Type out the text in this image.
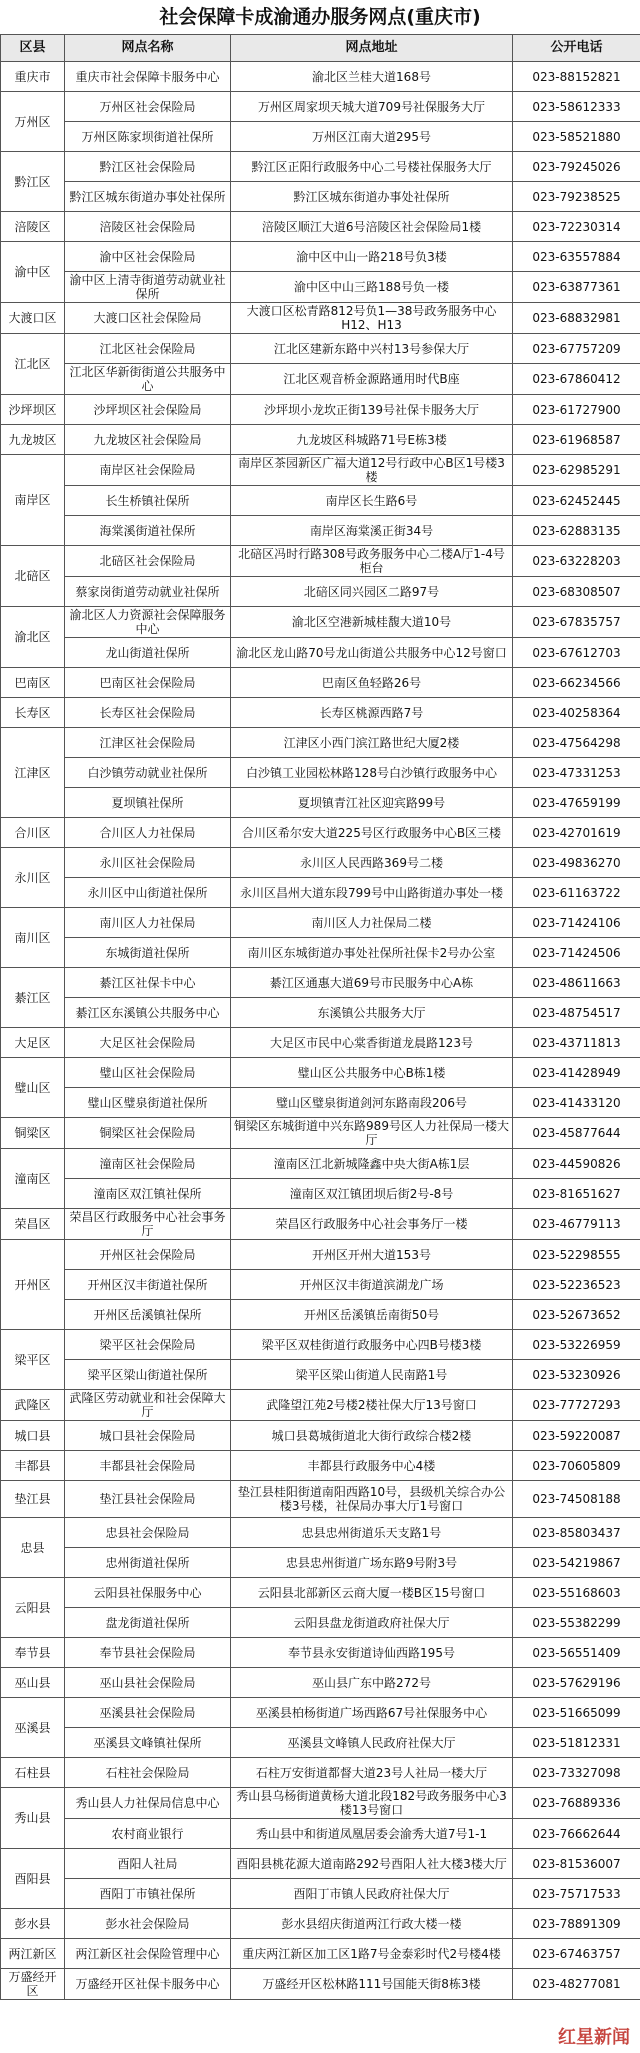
社会保障卡成渝通办服务网点(重庆市)
区县	网点名称	网点地址	公开电话
重庆市	重庆市社会保障卡服务中心	渝北区兰桂大道168号	023-88152821
万州区	万州区社会保险局	万州区周家坝天城大道709号社保服务大厅	023-58612333
	万州区陈家坝街道社保所	万州区江南大道295号	023-58521880
黔江区	黔江区社会保险局	黔江区正阳行政服务中心二号楼社保服务大厅	023-79245026
	黔江区城东街道办事处社保所	黔江区城东街道办事处社保所	023-79238525
涪陵区	涪陵区社会保险局	涪陵区顺江大道6号涪陵区社会保险局1楼	023-72230314
渝中区	渝中区社会保险局	渝中区中山一路218号负3楼	023-63557884
	渝中区上清寺街道劳动就业社保所	渝中区中山三路188号负一楼	023-63877361
大渡口区	大渡口区社会保险局	大渡口区松青路812号负1—38号政务服务中心H12、H13	023-68832981
江北区	江北区社会保险局	江北区建新东路中兴村13号参保大厅	023-67757209
	江北区华新街街道公共服务中心	江北区观音桥金源路通用时代B座	023-67860412
沙坪坝区	沙坪坝区社会保险局	沙坪坝小龙坎正街139号社保卡服务大厅	023-61727900
九龙坡区	九龙坡区社会保险局	九龙坡区科城路71号E栋3楼	023-61968587
南岸区	南岸区社会保险局	南岸区茶园新区广福大道12号行政中心B区1号楼3楼	023-62985291
	长生桥镇社保所	南岸区长生路6号	023-62452445
	海棠溪街道社保所	南岸区海棠溪正街34号	023-62883135
北碚区	北碚区社会保险局	北碚区冯时行路308号政务服务中心二楼A厅1-4号柜台	023-63228203
	蔡家岗街道劳动就业社保所	北碚区同兴园区二路97号	023-68308507
渝北区	渝北区人力资源社会保障服务中心	渝北区空港新城桂馥大道10号	023-67835757
	龙山街道社保所	渝北区龙山路70号龙山街道公共服务中心12号窗口	023-67612703
巴南区	巴南区社会保险局	巴南区鱼轻路26号	023-66234566
长寿区	长寿区社会保险局	长寿区桃源西路7号	023-40258364
江津区	江津区社会保险局	江津区小西门滨江路世纪大厦2楼	023-47564298
	白沙镇劳动就业社保所	白沙镇工业园松林路128号白沙镇行政服务中心	023-47331253
	夏坝镇社保所	夏坝镇青江社区迎宾路99号	023-47659199
合川区	合川区人力社保局	合川区希尔安大道225号区行政服务中心B区三楼	023-42701619
永川区	永川区社会保险局	永川区人民西路369号二楼	023-49836270
	永川区中山街道社保所	永川区昌州大道东段799号中山路街道办事处一楼	023-61163722
南川区	南川区人力社保局	南川区人力社保局二楼	023-71424106
	东城街道社保所	南川区东城街道办事处社保所社保卡2号办公室	023-71424506
綦江区	綦江区社保卡中心	綦江区通惠大道69号市民服务中心A栋	023-48611663
	綦江区东溪镇公共服务中心	东溪镇公共服务大厅	023-48754517
大足区	大足区社会保险局	大足区市民中心棠香街道龙晨路123号	023-43711813
璧山区	璧山区社会保险局	璧山区公共服务中心B栋1楼	023-41428949
	璧山区璧泉街道社保所	璧山区璧泉街道剑河东路南段206号	023-41433120
铜梁区	铜梁区社会保险局	铜梁区东城街道中兴东路989号区人力社保局一楼大厅	023-45877644
潼南区	潼南区社会保险局	潼南区江北新城隆鑫中央大街A栋1层	023-44590826
	潼南区双江镇社保所	潼南区双江镇团坝后街2号-8号	023-81651627
荣昌区	荣昌区行政服务中心社会事务厅	荣昌区行政服务中心社会事务厅一楼	023-46779113
开州区	开州区社会保险局	开州区开州大道153号	023-52298555
	开州区汉丰街道社保所	开州区汉丰街道滨湖龙广场	023-52236523
	开州区岳溪镇社保所	开州区岳溪镇岳南街50号	023-52673652
梁平区	梁平区社会保险局	梁平区双桂街道行政服务中心四B号楼3楼	023-53226959
	梁平区梁山街道社保所	梁平区梁山街道人民南路1号	023-53230926
武隆区	武隆区劳动就业和社会保障大厅	武隆望江苑2号楼2楼社保大厅13号窗口	023-77727293
城口县	城口县社会保险局	城口县葛城街道北大街行政综合楼2楼	023-59220087
丰都县	丰都县社会保险局	丰都县行政服务中心4楼	023-70605809
垫江县	垫江县社会保险局	垫江县桂阳街道南阳西路10号，县级机关综合办公楼3号楼，社保局办事大厅1号窗口	023-74508188
忠县	忠县社会保险局	忠县忠州街道乐天支路1号	023-85803437
	忠州街道社保所	忠县忠州街道广场东路9号附3号	023-54219867
云阳县	云阳县社保服务中心	云阳县北部新区云商大厦一楼B区15号窗口	023-55168603
	盘龙街道社保所	云阳县盘龙街道政府社保大厅	023-55382299
奉节县	奉节县社会保险局	奉节县永安街道诗仙西路195号	023-56551409
巫山县	巫山县社会保险局	巫山县广东中路272号	023-57629196
巫溪县	巫溪县社会保险局	巫溪县柏杨街道广场西路67号社保服务中心	023-51665099
	巫溪县文峰镇社保所	巫溪县文峰镇人民政府社保大厅	023-51812331
石柱县	石柱社会保险局	石柱万安街道都督大道23号人社局一楼大厅	023-73327098
秀山县	秀山县人力社保局信息中心	秀山县乌杨街道黄杨大道北段182号政务服务中心3楼13号窗口	023-76889336
	农村商业银行	秀山县中和街道凤凰居委会渝秀大道7号1-1	023-76662644
酉阳县	酉阳人社局	酉阳县桃花源大道南路292号酉阳人社大楼3楼大厅	023-81536007
	酉阳丁市镇社保所	酉阳丁市镇人民政府社保大厅	023-75717533
彭水县	彭水社会保险局	彭水县绍庆街道两江行政大楼一楼	023-78891309
两江新区	两江新区社会保险管理中心	重庆两江新区加工区1路7号金泰彩时代2号楼4楼	023-67463757
万盛经开区	万盛经开区社保卡服务中心	万盛经开区松林路111号国能天街8栋3楼	023-48277081
红星新闻
